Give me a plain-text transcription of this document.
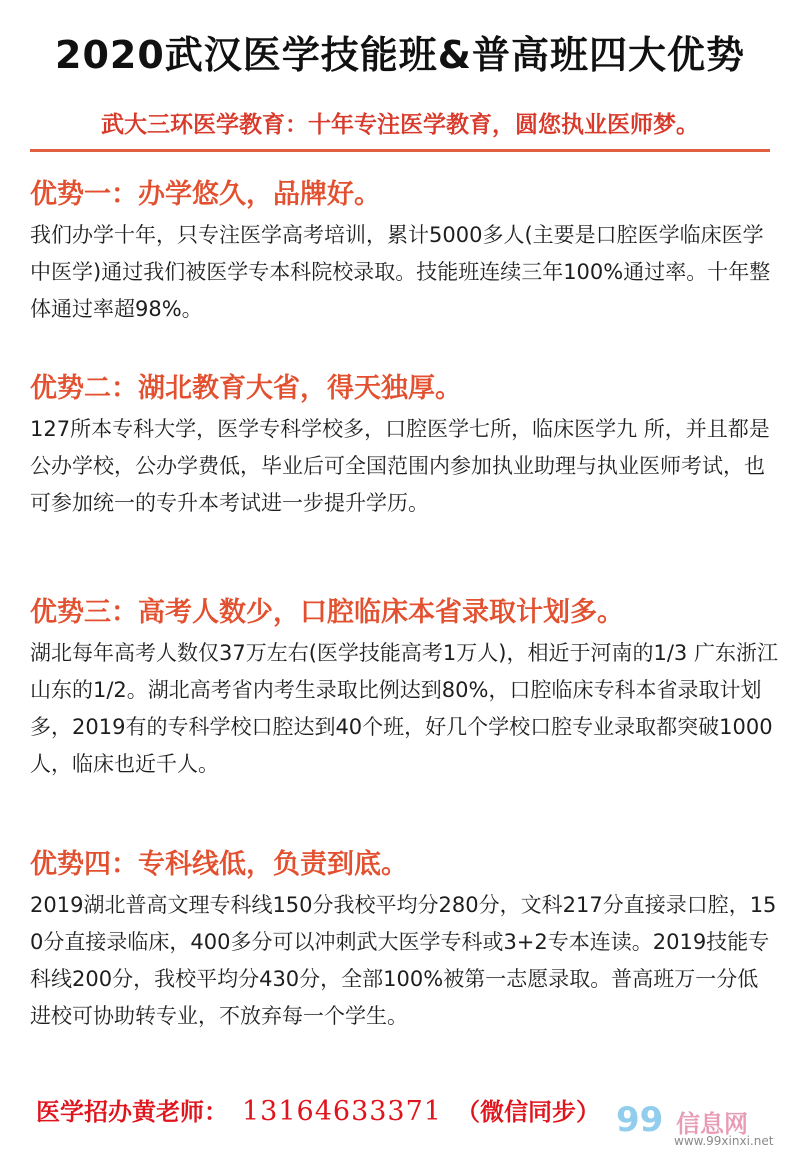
2020武汉医学技能班&普高班四大优势
武大三环医学教育：十年专注医学教育，圆您执业医师梦。
优势一：办学悠久，品牌好。

我们办学十年，只专注医学高考培训，累计5000多人(主要是口腔医学临床医学中医学)通过我们被医学专本科院校录取。技能班连续三年100%通过率。十年整体通过率超98%。

优势二：湖北教育大省，得天独厚。

127所本专科大学，医学专科学校多，口腔医学七所，临床医学九 所，并且都是公办学校，公办学费低，毕业后可全国范围内参加执业助理与执业医师考试，也可参加统一的专升本考试进一步提升学历。

优势三：高考人数少，口腔临床本省录取计划多。

湖北每年高考人数仅37万左右(医学技能高考1万人)，相近于河南的1/3 广东浙江山东的1/2。湖北高考省内考生录取比例达到80%，口腔临床专科本省录取计划多，2019有的专科学校口腔达到40个班，好几个学校口腔专业录取都突破1000人，临床也近千人。

优势四：专科线低，负责到底。

2019湖北普高文理专科线150分我校平均分280分，文科217分直接录口腔，150分直接录临床，400多分可以冲刺武大医学专科或3+2专本连读。2019技能专科线200分，我校平均分430分，全部100%被第一志愿录取。普高班万一分低进校可协助转专业，不放弃每一个学生。

医学招办黄老师： 13164633371 （微信同步） 99 信息网
www.99xinxi.net
